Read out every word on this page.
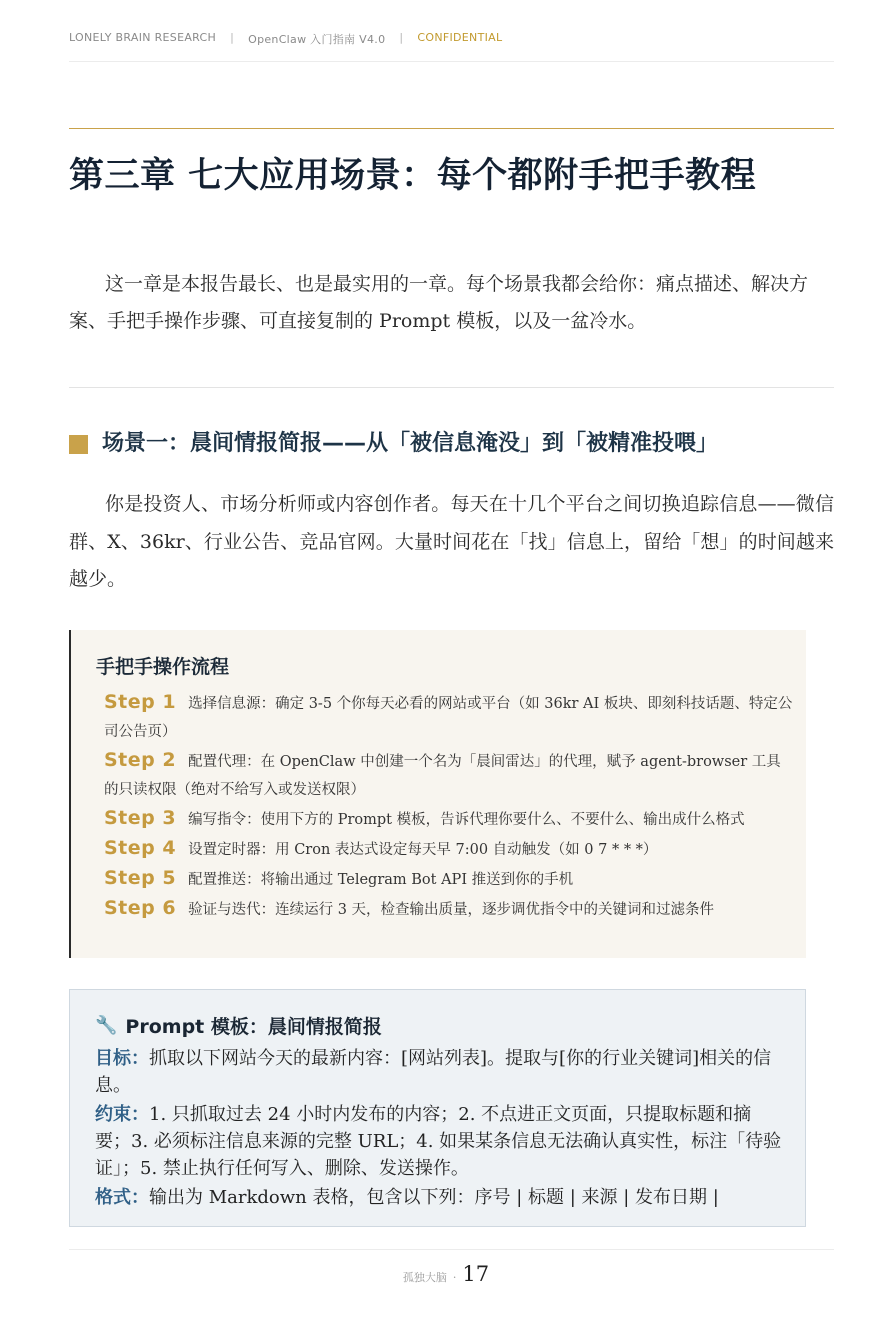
LONELY BRAIN RESEARCH | OpenClaw 入门指南 V4.0 | CONFIDENTIAL
第三章 七大应用场景：每个都附手把手教程

这一章是本报告最长、也是最实用的一章。每个场景我都会给你：痛点描述、解决方案、手把手操作步骤、可直接复制的 Prompt 模板，以及一盆冷水。

场景一：晨间情报简报——从「被信息淹没」到「被精准投喂」

你是投资人、市场分析师或内容创作者。每天在十几个平台之间切换追踪信息——微信群、X、36kr、行业公告、竞品官网。大量时间花在「找」信息上，留给「想」的时间越来越少。

手把手操作流程
Step 1 选择信息源：确定 3-5 个你每天必看的网站或平台（如 36kr AI 板块、即刻科技话题、特定公司公告页）
Step 2 配置代理：在 OpenClaw 中创建一个名为「晨间雷达」的代理，赋予 agent-browser 工具的只读权限（绝对不给写入或发送权限）
Step 3 编写指令：使用下方的 Prompt 模板，告诉代理你要什么、不要什么、输出成什么格式
Step 4 设置定时器：用 Cron 表达式设定每天早 7:00 自动触发（如 0 7 * * *）
Step 5 配置推送：将输出通过 Telegram Bot API 推送到你的手机
Step 6 验证与迭代：连续运行 3 天，检查输出质量，逐步调优指令中的关键词和过滤条件
🔧 Prompt 模板：晨间情报简报

目标：抓取以下网站今天的最新内容：[网站列表]。提取与[你的行业关键词]相关的信息。

约束：1. 只抓取过去 24 小时内发布的内容；2. 不点进正文页面，只提取标题和摘要；3. 必须标注信息来源的完整 URL；4. 如果某条信息无法确认真实性，标注「待验证」；5. 禁止执行任何写入、删除、发送操作。

格式：输出为 Markdown 表格，包含以下列：序号 | 标题 | 来源 | 发布日期 |

孤独大脑 · 17
